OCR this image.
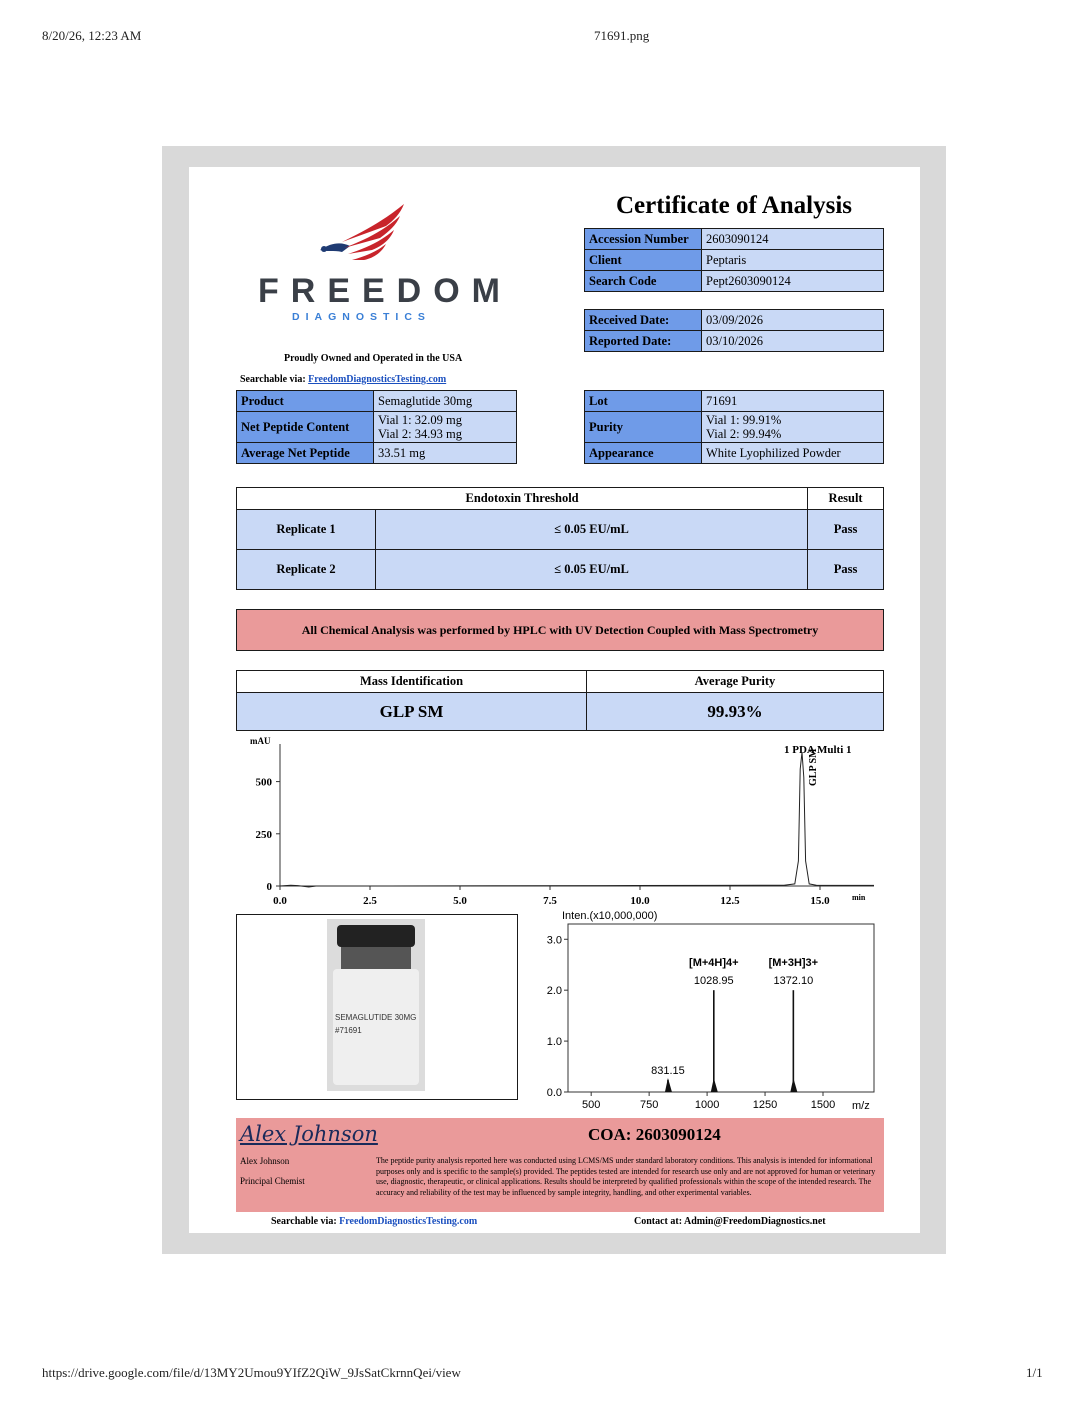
8/20/26, 12:23 AM	71691.png
https://drive.google.com/file/d/13MY2Umou9YIfZ2QiW_9JsSatCkrnnQei/view	1/1
FREEDOM
DIAGNOSTICS
Proudly Owned and Operated in the USA
Searchable via: FreedomDiagnosticsTesting.com
Certificate of Analysis
Accession Number	2603090124
Client	Peptaris
Search Code	Pept2603090124
Received Date:	03/09/2026
Reported Date:	03/10/2026
Product	Semaglutide 30mg
Net Peptide Content	Vial 1: 32.09 mg
Vial 2: 34.93 mg

Average Net Peptide	33.51 mg
Lot	71691
Purity	Vial 1: 99.91%
Vial 2: 99.94%

Appearance	White Lyophilized Powder
Endotoxin Threshold		Result
Replicate 1	≤ 0.05 EU/mL	Pass
Replicate 2	≤ 0.05 EU/mL	Pass
All Chemical Analysis was performed by HPLC with UV Detection Coupled with Mass Spectrometry
Mass Identification	Average Purity
GLP SM	99.93%
mAU
min
1 PDA Multi 1
GLP SM
0.0	2.5	5.0	7.5	10.0	12.5	15.0
0
250
500
SEMAGLUTIDE 30MG
#71691
Inten.(x10,000,000)
m/z
500	750	1000	1250	1500
0.0
1.0
2.0
3.0
831.15
[M+4H]4+
1028.95
[M+3H]3+
1372.10
Alex Johnson
Alex Johnson
Principal Chemist
COA: 2603090124
The peptide purity analysis reported here was conducted using LCMS/MS under standard laboratory conditions. This analysis is intended for informational purposes only and is specific to the sample(s) provided. The peptides tested are intended for research use only and are not approved for human or veterinary use, diagnostic, therapeutic, or clinical applications. Results should be interpreted by qualified professionals within the scope of the intended research. The accuracy and reliability of the test may be influenced by sample integrity, handling, and other experimental variables.
Searchable via: FreedomDiagnosticsTesting.com	Contact at: Admin@FreedomDiagnostics.net
